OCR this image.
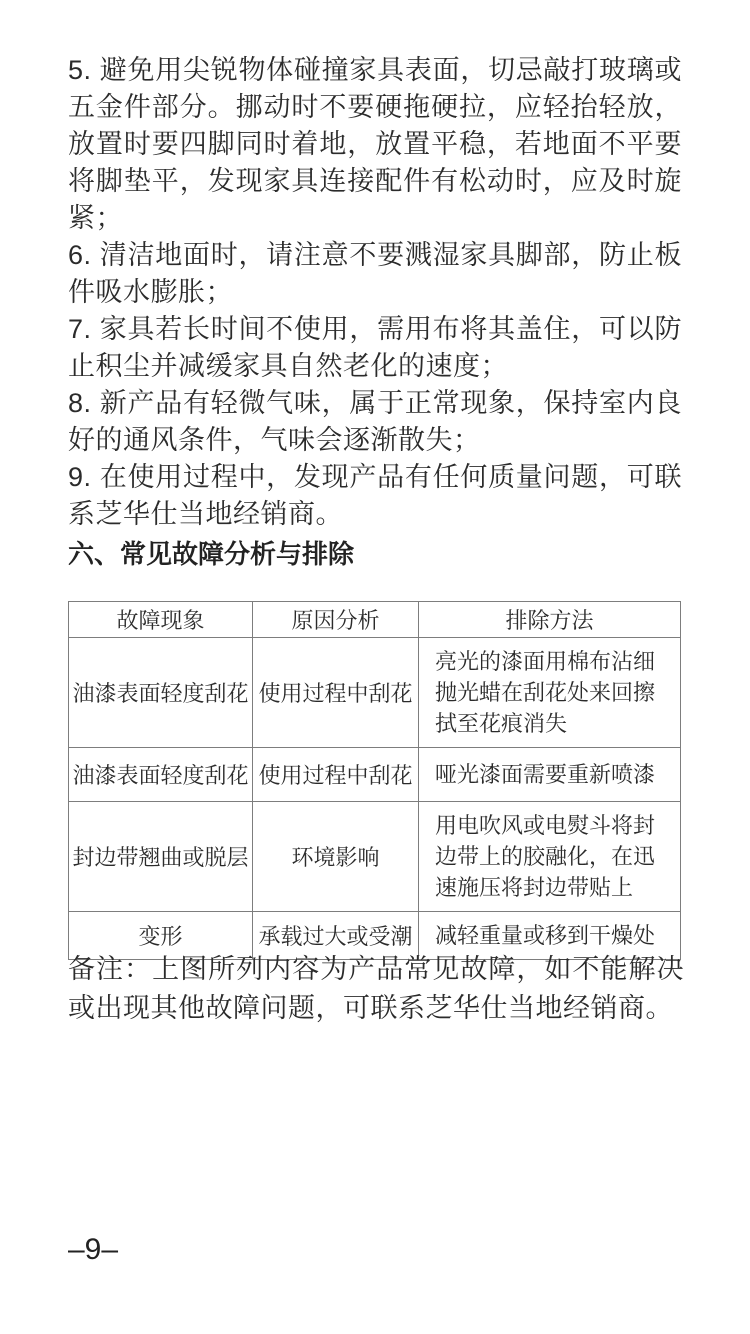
5. 避免用尖锐物体碰撞家具表面，切忌敲打玻璃或五金件部分。挪动时不要硬拖硬拉，应轻抬轻放，放置时要四脚同时着地，放置平稳，若地面不平要将脚垫平，发现家具连接配件有松动时，应及时旋紧；

6. 清洁地面时，请注意不要溅湿家具脚部，防止板件吸水膨胀；

7. 家具若长时间不使用，需用布将其盖住，可以防止积尘并减缓家具自然老化的速度；

8. 新产品有轻微气味，属于正常现象，保持室内良好的通风条件，气味会逐渐散失；

9. 在使用过程中，发现产品有任何质量问题，可联系芝华仕当地经销商。

六、常见故障分析与排除
故障现象	原因分析	排除方法
油漆表面轻度刮花	使用过程中刮花	亮光的漆面用棉布沾细抛光蜡在刮花处来回擦拭至花痕消失
油漆表面轻度刮花	使用过程中刮花	哑光漆面需要重新喷漆
封边带翘曲或脱层	环境影响	用电吹风或电熨斗将封边带上的胶融化，在迅速施压将封边带贴上
变形	承载过大或受潮	减轻重量或移到干燥处

备注：上图所列内容为产品常见故障，如不能解决或出现其他故障问题，可联系芝华仕当地经销商。

–9–
